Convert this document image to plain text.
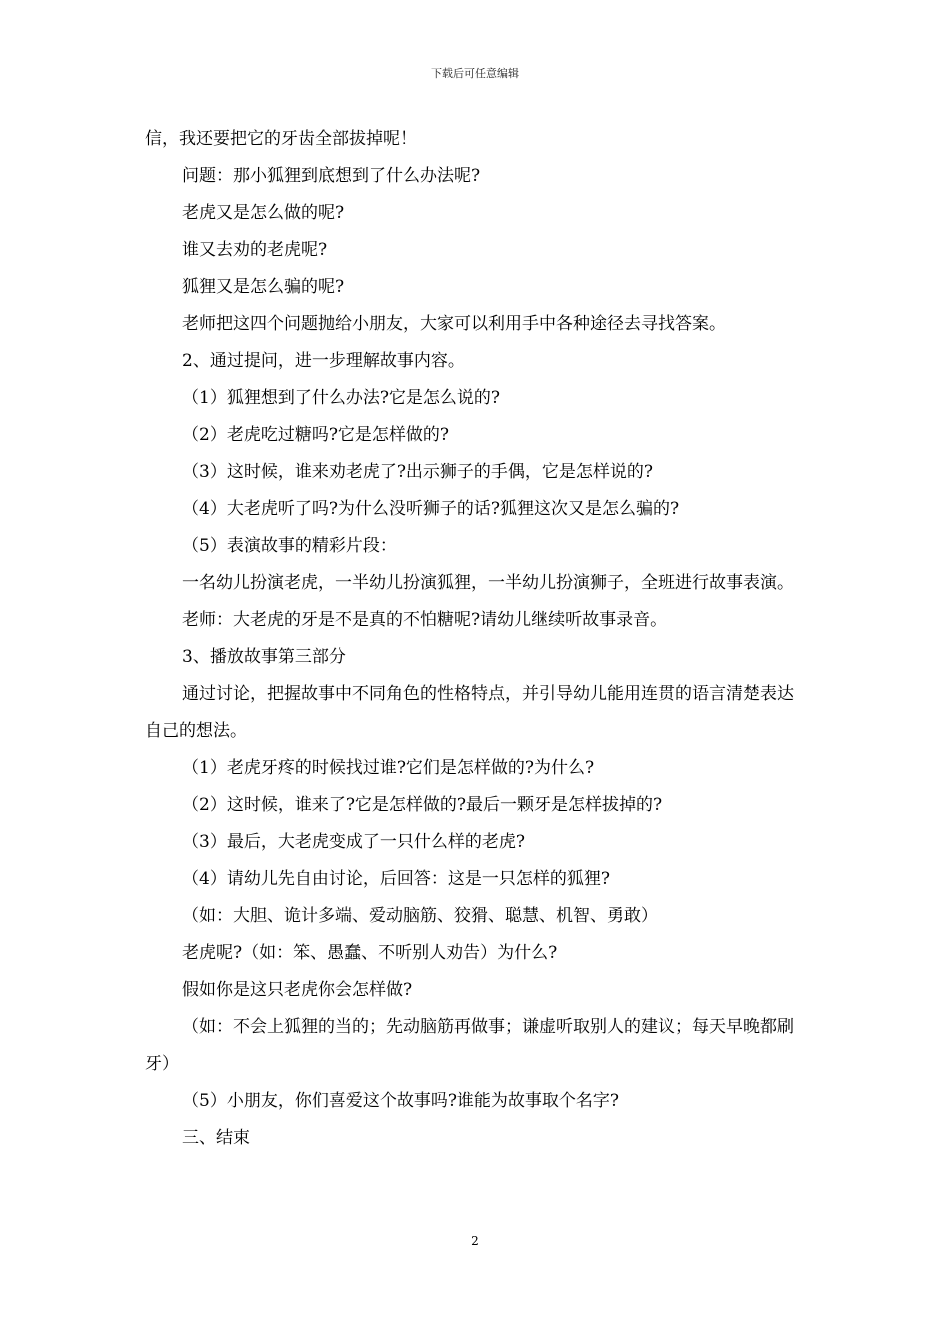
下载后可任意编辑

信，我还要把它的牙齿全部拔掉呢！

问题：那小狐狸到底想到了什么办法呢?

老虎又是怎么做的呢?

谁又去劝的老虎呢?

狐狸又是怎么骗的呢?

老师把这四个问题抛给小朋友，大家可以利用手中各种途径去寻找答案。

2、通过提问，进一步理解故事内容。

（1）狐狸想到了什么办法?它是怎么说的?

（2）老虎吃过糖吗?它是怎样做的?

（3）这时候，谁来劝老虎了?出示狮子的手偶，它是怎样说的?

（4）大老虎听了吗?为什么没听狮子的话?狐狸这次又是怎么骗的?

（5）表演故事的精彩片段：

一名幼儿扮演老虎，一半幼儿扮演狐狸，一半幼儿扮演狮子，全班进行故事表演。

老师：大老虎的牙是不是真的不怕糖呢?请幼儿继续听故事录音。

3、播放故事第三部分

通过讨论，把握故事中不同角色的性格特点，并引导幼儿能用连贯的语言清楚表达自己的想法。

（1）老虎牙疼的时候找过谁?它们是怎样做的?为什么?

（2）这时候，谁来了?它是怎样做的?最后一颗牙是怎样拔掉的?

（3）最后，大老虎变成了一只什么样的老虎?

（4）请幼儿先自由讨论，后回答：这是一只怎样的狐狸?

（如：大胆、诡计多端、爱动脑筋、狡猾、聪慧、机智、勇敢）

老虎呢?（如：笨、愚蠢、不听别人劝告）为什么?

假如你是这只老虎你会怎样做?

（如：不会上狐狸的当的；先动脑筋再做事；谦虚听取别人的建议；每天早晚都刷牙）

（5）小朋友，你们喜爱这个故事吗?谁能为故事取个名字?

三、结束

2
